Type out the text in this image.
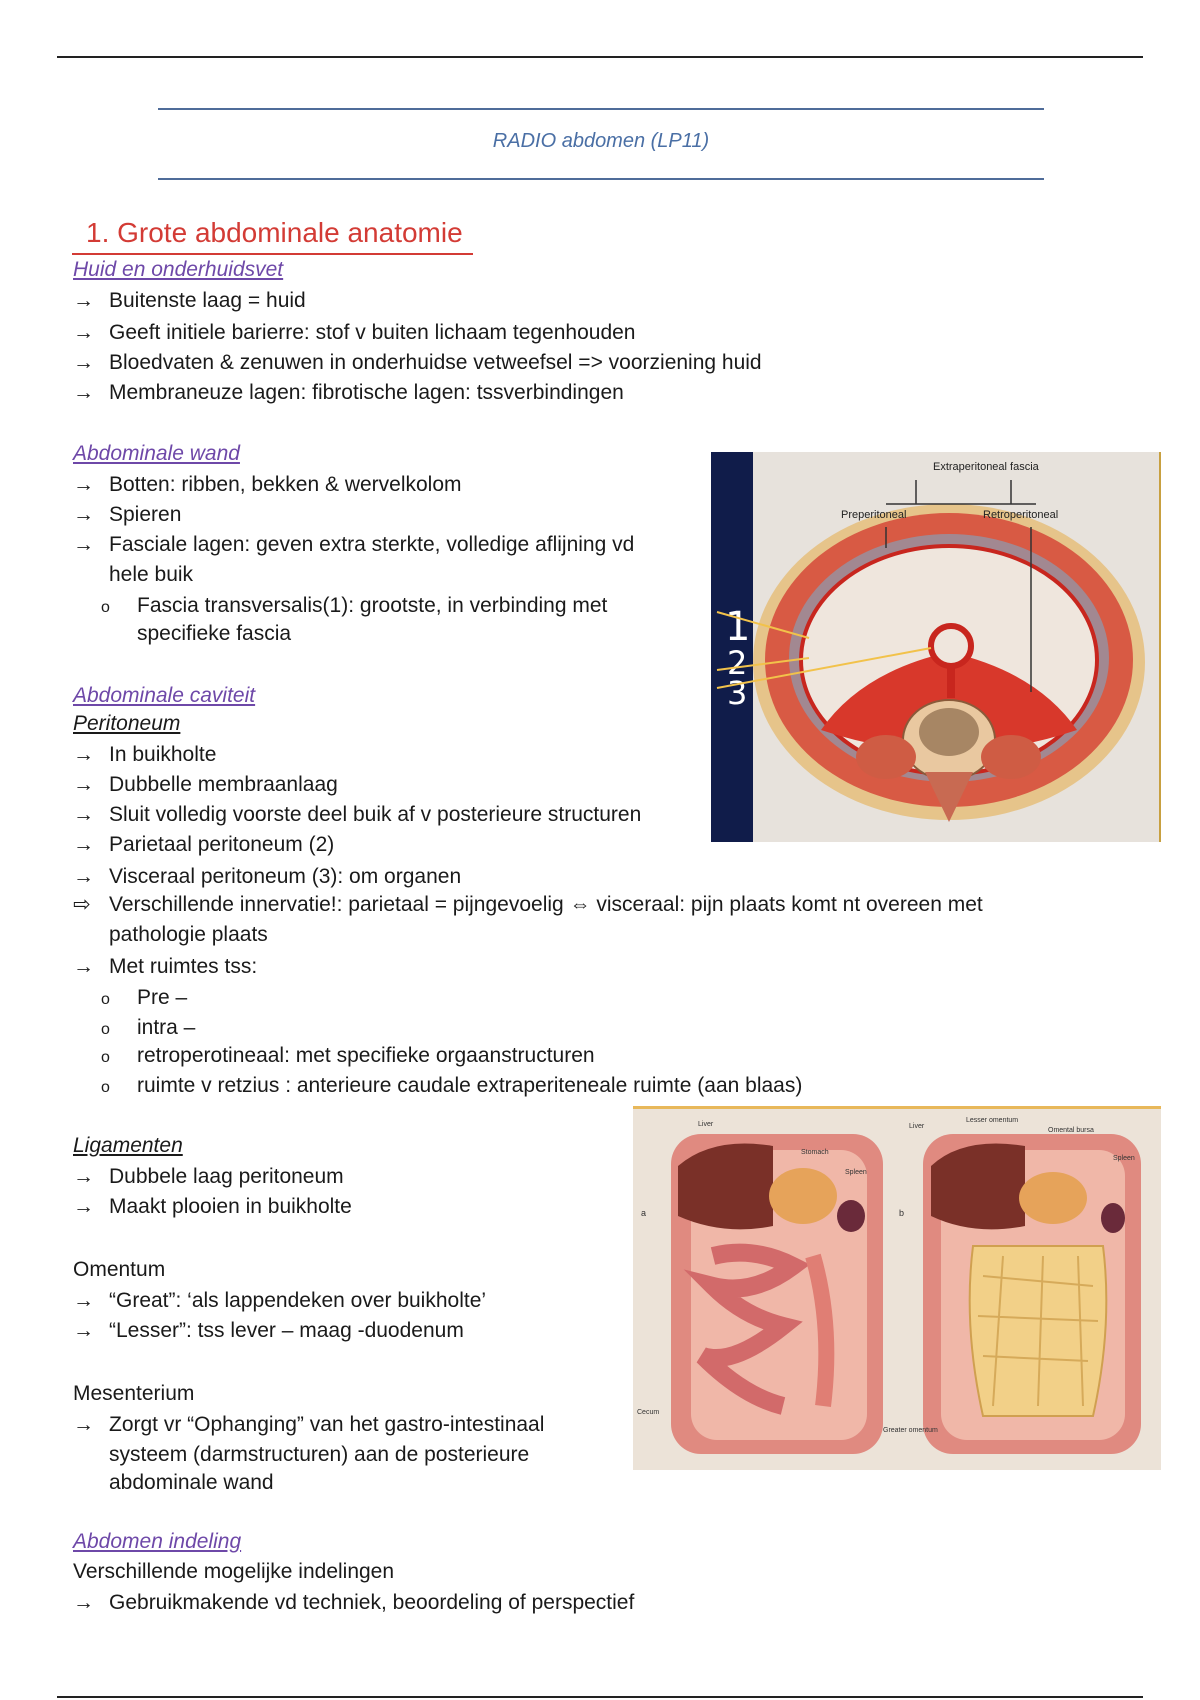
RADIO abdomen (LP11)
1. Grote abdominale anatomie
Huid en onderhuidsvet
→ Buitenste laag = huid
→ Geeft initiele barierre: stof v buiten lichaam tegenhouden
→ Bloedvaten & zenuwen in onderhuidse vetweefsel => voorziening huid
→ Membraneuze lagen: fibrotische lagen: tssverbindingen
Abdominale wand
→ Botten: ribben, bekken & wervelkolom
→ Spieren
→ Fasciale lagen: geven extra sterkte, volledige aflijning vd
hele buik
o Fascia transversalis(1): grootste, in verbinding met
specifieke fascia
Abdominale caviteit
Peritoneum
→ In buikholte
→ Dubbelle membraanlaag
→ Sluit volledig voorste deel buik af v posterieure structuren
→ Parietaal peritoneum (2)
→ Visceraal peritoneum (3): om organen
⇨ Verschillende innervatie!: parietaal = pijngevoelig ⇔ visceraal: pijn plaats komt nt overeen met
pathologie plaats
→ Met ruimtes tss:
o Pre –
o intra –
o retroperotineaal: met specifieke orgaanstructuren
o ruimte v retzius : anterieure caudale extraperiteneale ruimte (aan blaas)
Ligamenten
→ Dubbele laag peritoneum
→ Maakt plooien in buikholte
Omentum
→ “Great”: ‘als lappendeken over buikholte’
→ “Lesser”: tss lever – maag -duodenum
Mesenterium
→ Zorgt vr “Ophanging” van het gastro-intestinaal
systeem (darmstructuren) aan de posterieure
abdominale wand
Abdomen indeling
Verschillende mogelijke indelingen
→ Gebruikmakende vd techniek, beoordeling of perspectief
Extraperitoneal fascia
Preperitoneal	Retroperitoneal
1
2
3
Liver
Stomach
Spleen
Liver
Lesser omentum
Omental bursa
Spleen
Cecum
Greater omentum
a	b
